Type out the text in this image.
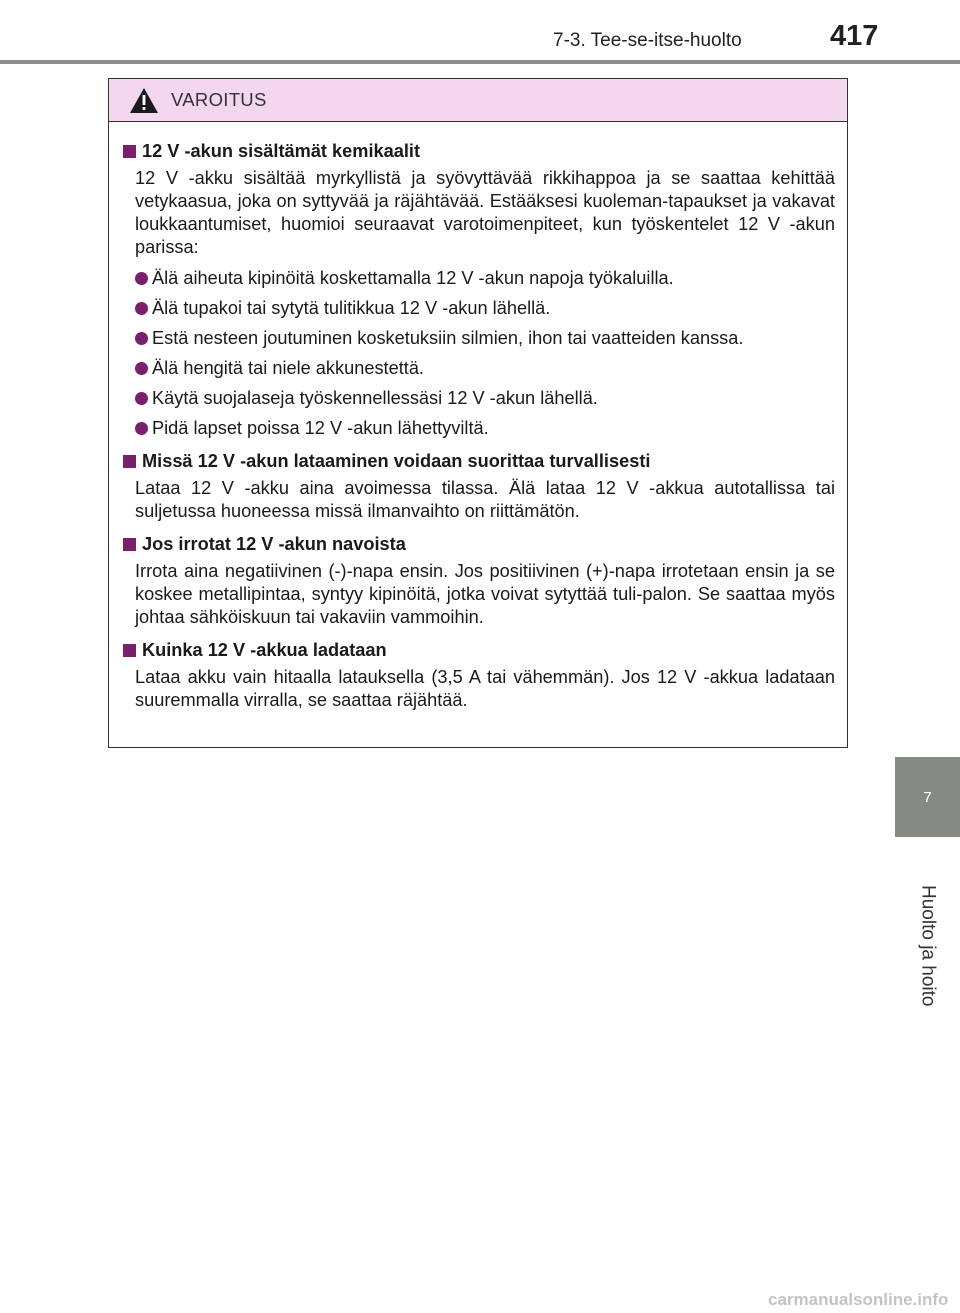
7-3. Tee-se-itse-huolto	417
VAROITUS
12 V -akun sisältämät kemikaalit
12 V -akku sisältää myrkyllistä ja syövyttävää rikkihappoa ja se saattaa kehittää vetykaasua, joka on syttyvää ja räjähtävää. Estääksesi kuoleman-tapaukset ja vakavat loukkaantumiset, huomioi seuraavat varotoimenpiteet, kun työskentelet 12 V -akun parissa:
Älä aiheuta kipinöitä koskettamalla 12 V -akun napoja työkaluilla.
Älä tupakoi tai sytytä tulitikkua 12 V -akun lähellä.
Estä nesteen joutuminen kosketuksiin silmien, ihon tai vaatteiden kanssa.
Älä hengitä tai niele akkunestettä.
Käytä suojalaseja työskennellessäsi 12 V -akun lähellä.
Pidä lapset poissa 12 V -akun lähettyviltä.
Missä 12 V -akun lataaminen voidaan suorittaa turvallisesti
Lataa 12 V -akku aina avoimessa tilassa. Älä lataa 12 V -akkua autotallissa tai suljetussa huoneessa missä ilmanvaihto on riittämätön.
Jos irrotat 12 V -akun navoista
Irrota aina negatiivinen (-)-napa ensin. Jos positiivinen (+)-napa irrotetaan ensin ja se koskee metallipintaa, syntyy kipinöitä, jotka voivat sytyttää tuli-palon. Se saattaa myös johtaa sähköiskuun tai vakaviin vammoihin.
Kuinka 12 V -akkua ladataan
Lataa akku vain hitaalla latauksella (3,5 A tai vähemmän). Jos 12 V -akkua ladataan suuremmalla virralla, se saattaa räjähtää.
7
Huolto ja hoito
carmanualsonline.info
